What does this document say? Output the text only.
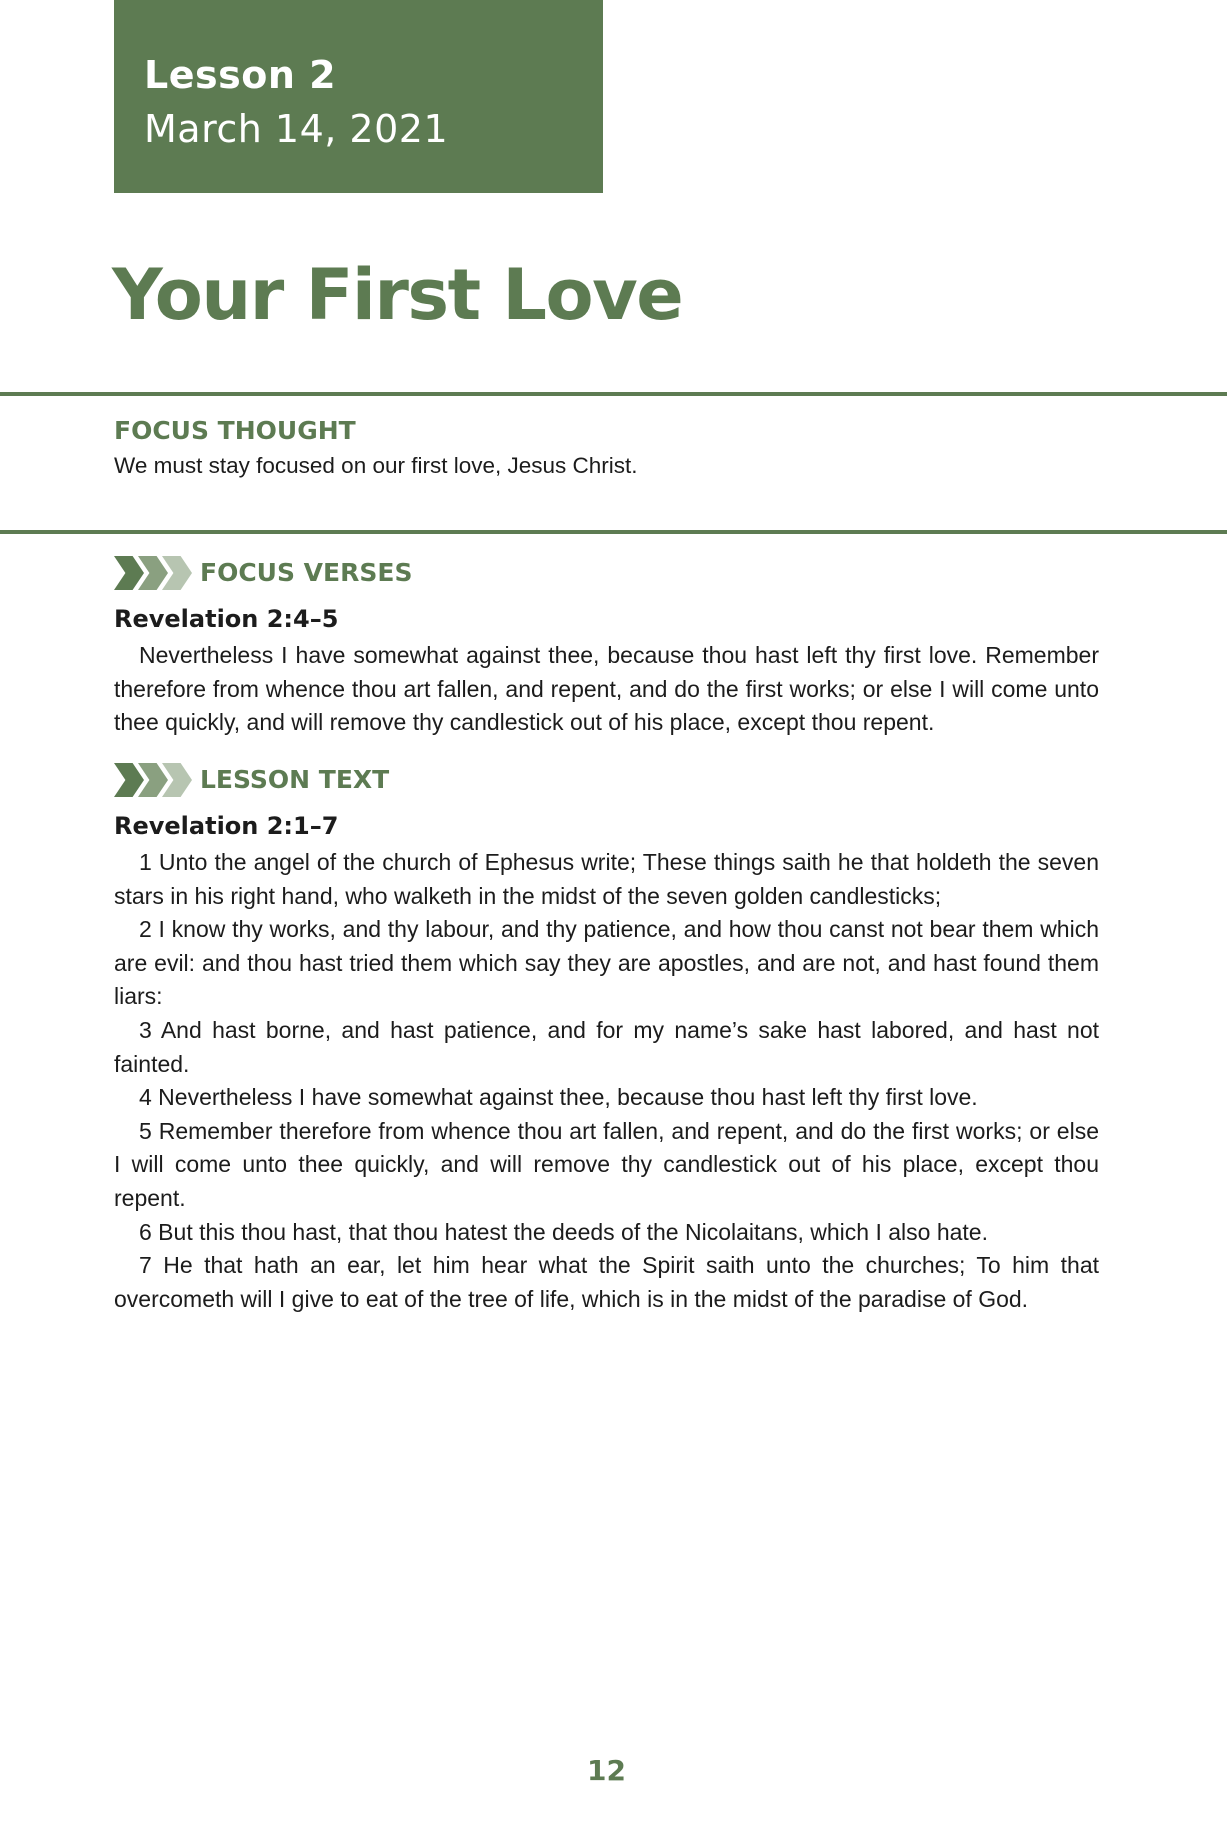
Lesson 2
March 14, 2021
Your First Love
FOCUS THOUGHT
We must stay focused on our first love, Jesus Christ.
FOCUS VERSES
Revelation 2:4–5

Nevertheless I have somewhat against thee, because thou hast left thy first love. Remember therefore from whence thou art fallen, and repent, and do the first works; or else I will come unto thee quickly, and will remove thy candlestick out of his place, except thou repent.

LESSON TEXT
Revelation 2:1–7

1 Unto the angel of the church of Ephesus write; These things saith he that holdeth the seven stars in his right hand, who walketh in the midst of the seven golden candlesticks;

2 I know thy works, and thy labour, and thy patience, and how thou canst not bear them which are evil: and thou hast tried them which say they are apostles, and are not, and hast found them liars:

3 And hast borne, and hast patience, and for my name’s sake hast labored, and hast not fainted.

4 Nevertheless I have somewhat against thee, because thou hast left thy first love.

5 Remember therefore from whence thou art fallen, and repent, and do the first works; or else I will come unto thee quickly, and will remove thy candlestick out of his place, except thou repent.

6 But this thou hast, that thou hatest the deeds of the Nicolaitans, which I also hate.

7 He that hath an ear, let him hear what the Spirit saith unto the churches; To him that overcometh will I give to eat of the tree of life, which is in the midst of the paradise of God.

12
